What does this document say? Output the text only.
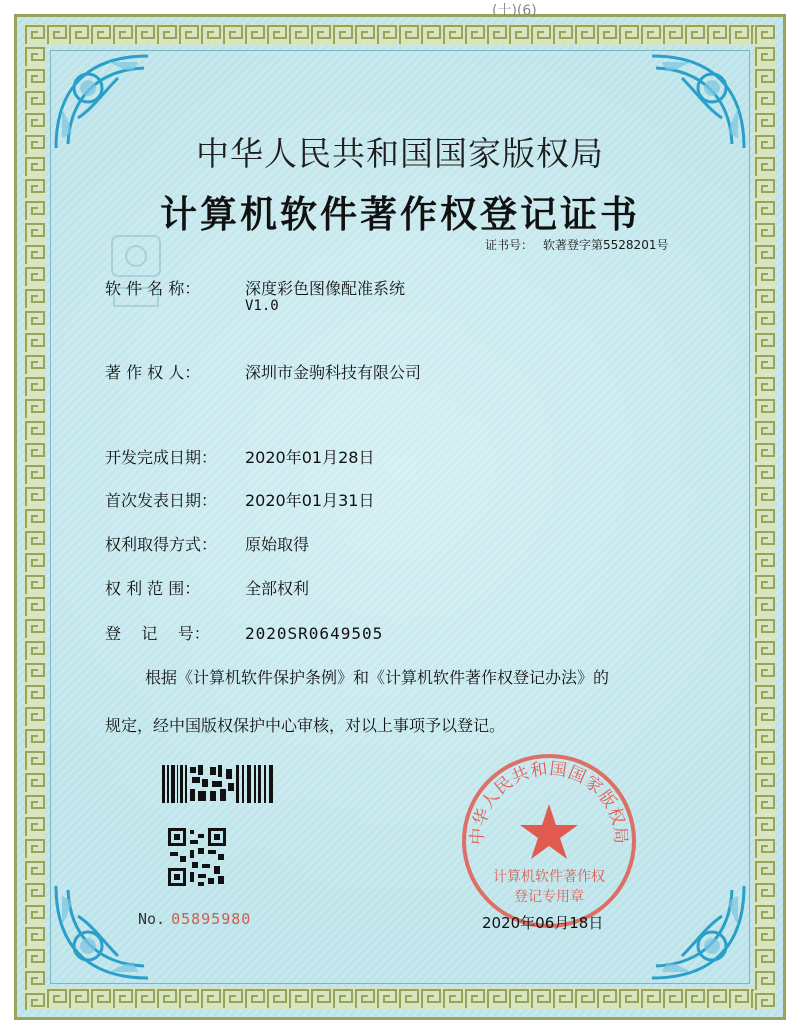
(十)(6)
中华人民共和国国家版权局
计算机软件著作权登记证书
证书号： 软著登字第5528201号
软 件 名 称：	深度彩色图像配准系统
V1.0
著 作 权 人：	深圳市金驹科技有限公司
开发完成日期： 2020年01月28日
首次发表日期： 2020年01月31日
权利取得方式： 原始取得
权 利 范 围：	全部权利
登    记    号： 2020SR0649505
根据《计算机软件保护条例》和《计算机软件著作权登记办法》的
规定，经中国版权保护中心审核，对以上事项予以登记。
No. 05895980
中华人民共和国国家版权局
计算机软件著作权
登记专用章
2020年06月18日
